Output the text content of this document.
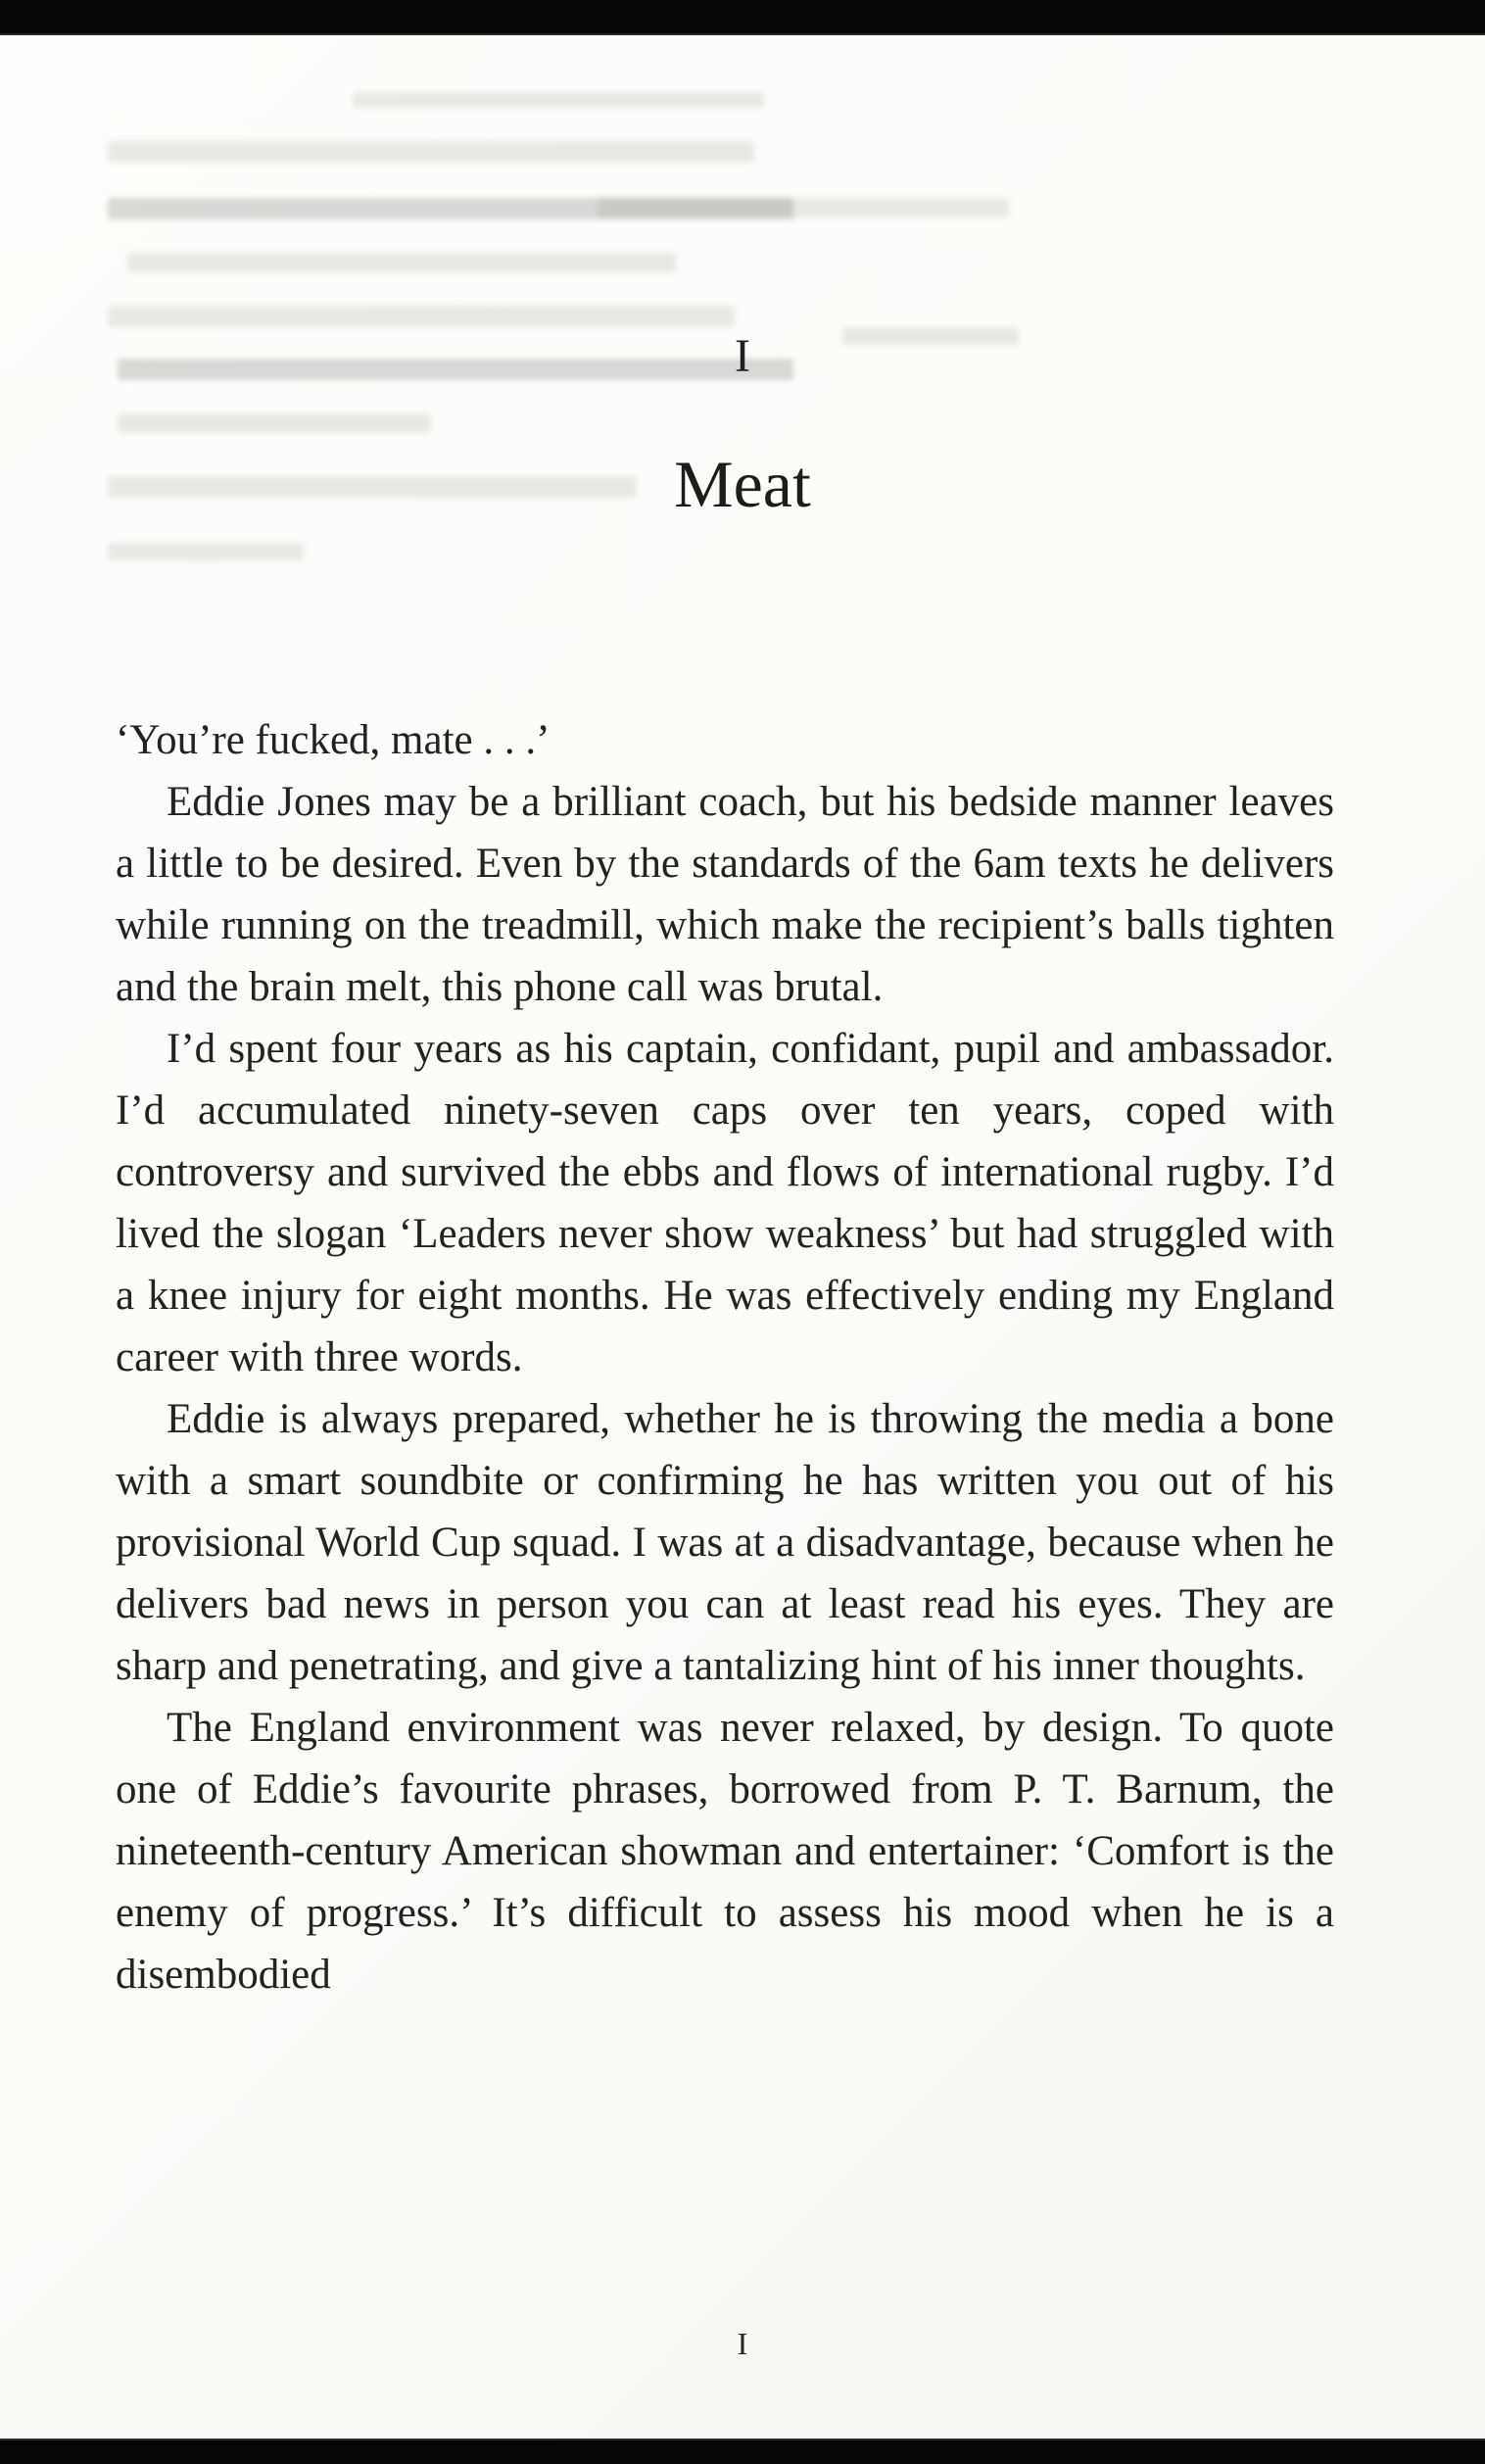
I
Meat

‘You’re fucked, mate . . .’

Eddie Jones may be a brilliant coach, but his bedside manner leaves a little to be desired. Even by the standards of the 6am texts he delivers while running on the treadmill, which make the recipient’s balls tighten and the brain melt, this phone call was brutal.

I’d spent four years as his captain, confidant, pupil and ambassador. I’d accumulated ninety-seven caps over ten years, coped with controversy and survived the ebbs and flows of international rugby. I’d lived the slogan ‘Leaders never show weakness’ but had struggled with a knee injury for eight months. He was effectively ending my England career with three words.

Eddie is always prepared, whether he is throwing the media a bone with a smart soundbite or confirming he has written you out of his provisional World Cup squad. I was at a disadvantage, because when he delivers bad news in person you can at least read his eyes. They are sharp and penetrating, and give a tantalizing hint of his inner thoughts.

The England environment was never relaxed, by design. To quote one of Eddie’s favourite phrases, borrowed from P. T. Barnum, the nineteenth-century American showman and entertainer: ‘Comfort is the enemy of progress.’ It’s difficult to assess his mood when he is a disembodied

I
